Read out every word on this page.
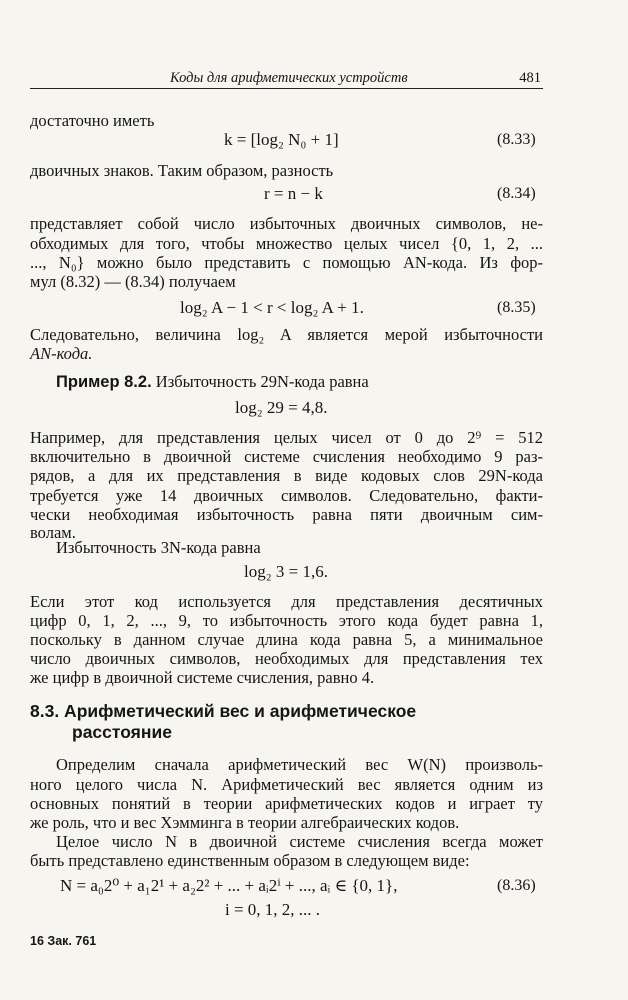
Коды для арифметических устройств	481
достаточно иметь
k = [log₂ N₀ + 1]	(8.33)
двоичных знаков. Таким образом, разность
r = n − k	(8.34)
представляет собой число избыточных двоичных символов, не-
обходимых для того, чтобы множество целых чисел {0, 1, 2, ...
..., N₀} можно было представить с помощью AN-кода. Из фор-
мул (8.32) — (8.34) получаем
log₂ A − 1 < r < log₂ A + 1.	(8.35)
Следовательно, величина log₂ A является мерой избыточности
AN-кода.
Пример 8.2. Избыточность 29N-кода равна
log₂ 29 = 4,8.
Например, для представления целых чисел от 0 до 2⁹ = 512
включительно в двоичной системе счисления необходимо 9 раз-
рядов, а для их представления в виде кодовых слов 29N-кода
требуется уже 14 двоичных символов. Следовательно, факти-
чески необходимая избыточность равна пяти двоичным сим-
волам.
Избыточность 3N-кода равна
log₂ 3 = 1,6.
Если этот код используется для представления десятичных
цифр 0, 1, 2, ..., 9, то избыточность этого кода будет равна 1,
поскольку в данном случае длина кода равна 5, а минимальное
число двоичных символов, необходимых для представления тех
же цифр в двоичной системе счисления, равно 4.
8.3. Арифметический вес и арифметическое
расстояние
Определим сначала арифметический вес W(N) произволь-
ного целого числа N. Арифметический вес является одним из
основных понятий в теории арифметических кодов и играет ту
же роль, что и вес Хэмминга в теории алгебраических кодов.
Целое число N в двоичной системе счисления всегда может
быть представлено единственным образом в следующем виде:
N = a₀2⁰ + a₁2¹ + a₂2² + ... + aᵢ2ⁱ + ..., aᵢ ∈ {0, 1},	(8.36)
i = 0, 1, 2, ... .
16 Зак. 761
